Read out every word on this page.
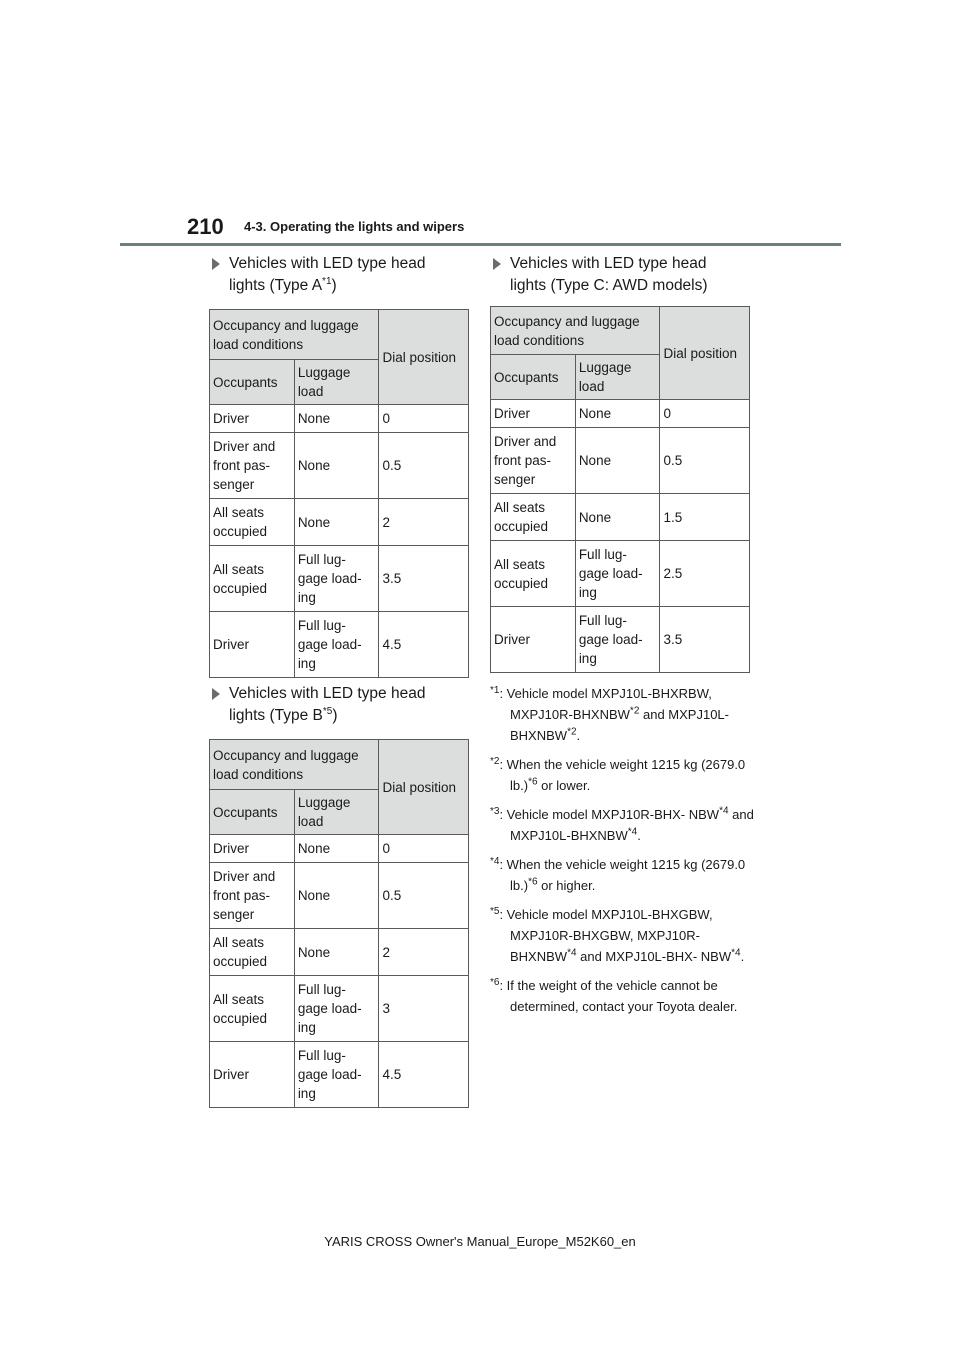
210 4-3. Operating the lights and wipers
Vehicles with LED type head lights (Type $A^{*1}$)
Occupancy and luggage load conditions		Dial position
Occupants	Luggage load	
Driver	None	0
Driver and front pas- senger	None	0.5
All seats occupied	None	2
All seats occupied	Full lug- gage load- ing	3.5
Driver	Full lug- gage load- ing	4.5
Vehicles with LED type head lights (Type $B^{*5}$)
Occupancy and luggage load conditions		Dial position
Occupants	Luggage load	
Driver	None	0
Driver and front pas- senger	None	0.5
All seats occupied	None	2
All seats occupied	Full lug- gage load- ing	3
Driver	Full lug- gage load- ing	4.5
Vehicles with LED type head lights (Type C: AWD models)
Occupancy and luggage load conditions		Dial position
Occupants	Luggage load	
Driver	None	0
Driver and front pas- senger	None	0.5
All seats occupied	None	1.5
All seats occupied	Full lug- gage load- ing	2.5
Driver	Full lug- gage load- ing	3.5
$^{*1}$: Vehicle model MXPJ10L-BHXRBW, MXPJ10R-BHXNBW$^{*2}$ and MXPJ10L-BHXNBW$^{*2}$.
$^{*2}$: When the vehicle weight 1215 kg (2679.0 lb.)$^{*6}$ or lower.
$^{*3}$: Vehicle model MXPJ10R-BHX- NBW$^{*4}$ and MXPJ10L-BHXNBW$^{*4}$.
$^{*4}$: When the vehicle weight 1215 kg (2679.0 lb.)$^{*6}$ or higher.
$^{*5}$: Vehicle model MXPJ10L-BHXGBW, MXPJ10R-BHXGBW, MXPJ10R- BHXNBW$^{*4}$ and MXPJ10L-BHX- NBW$^{*4}$.
$^{*6}$: If the weight of the vehicle cannot be determined, contact your Toyota dealer.
YARIS CROSS Owner's Manual_Europe_M52K60_en
